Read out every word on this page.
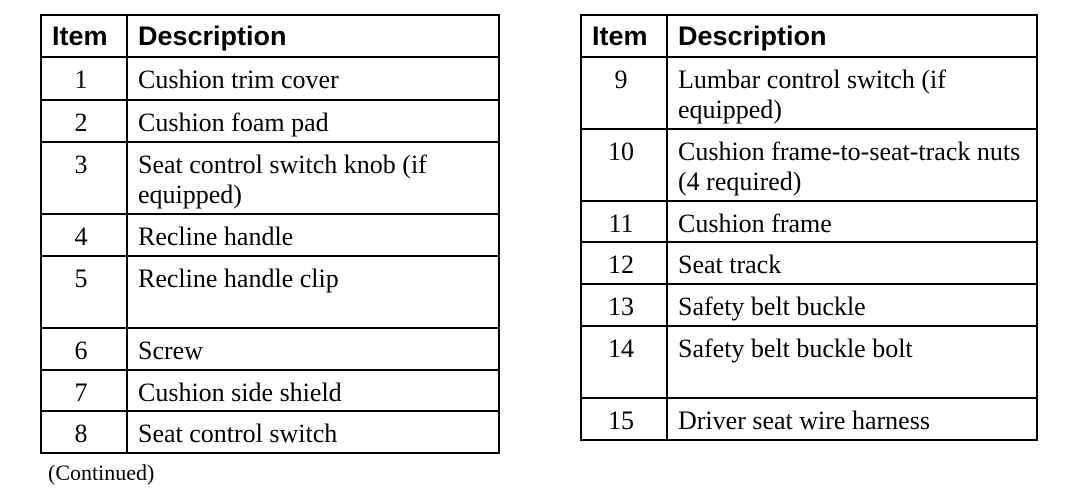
Item	Description
1	Cushion trim cover
2	Cushion foam pad
3	Seat control switch knob (if equipped)
4	Recline handle
5	Recline handle clip
6	Screw
7	Cushion side shield
8	Seat control switch
Item	Description
9	Lumbar control switch (if equipped)
10	Cushion frame-to-seat-track nuts (4 required)
11	Cushion frame
12	Seat track
13	Safety belt buckle
14	Safety belt buckle bolt
15	Driver seat wire harness
(Continued)
